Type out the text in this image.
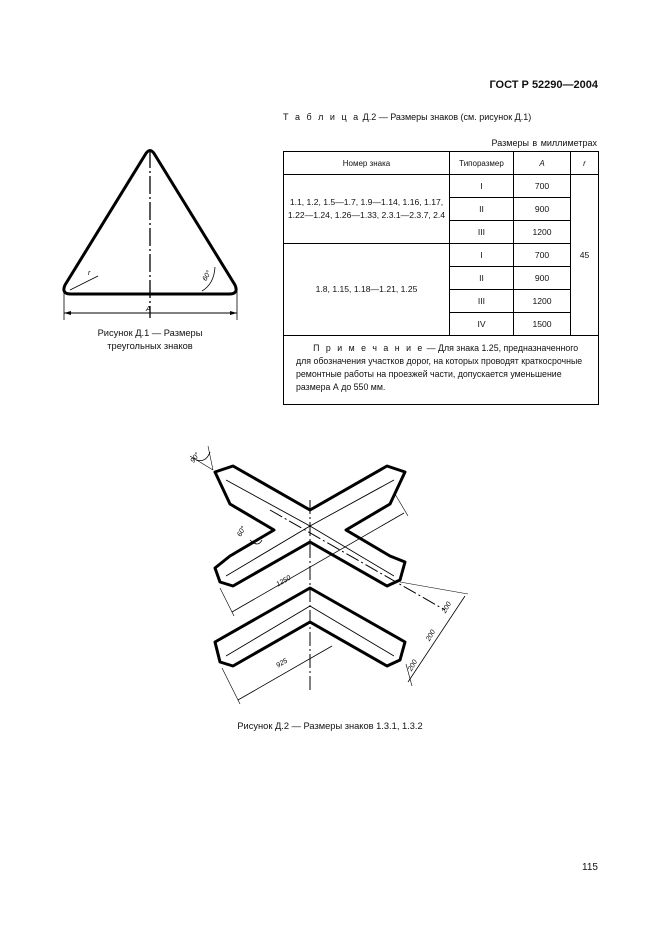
ГОСТ Р 52290—2004
Т а б л и ц а Д.2 — Размеры знаков (см. рисунок Д.1)
Размеры в миллиметрах
Номер знака	Типоразмер	A	r
1.1, 1.2, 1.5—1.7, 1.9—1.14, 1.16, 1.17, 1.22—1.24, 1.26—1.33, 2.3.1—2.3.7, 2.4	I	700	45
	II	900	
	III	1200	
1.8, 1.15, 1.18—1.21, 1.25	I	700	
	II	900	
	III	1200	
	IV	1500	
П р и м е ч а н и е — Для знака 1.25, предназначенного для обозначения участков дорог, на которых проводят краткосрочные ремонтные работы на проезжей части, допускается уменьшение размера А до 550 мм.			
r	60°
A
Рисунок Д.1 — Размеры
треугольных знаков
90°
60°
1250
925
200
200
200
Рисунок Д.2 — Размеры знаков 1.3.1, 1.3.2
115
